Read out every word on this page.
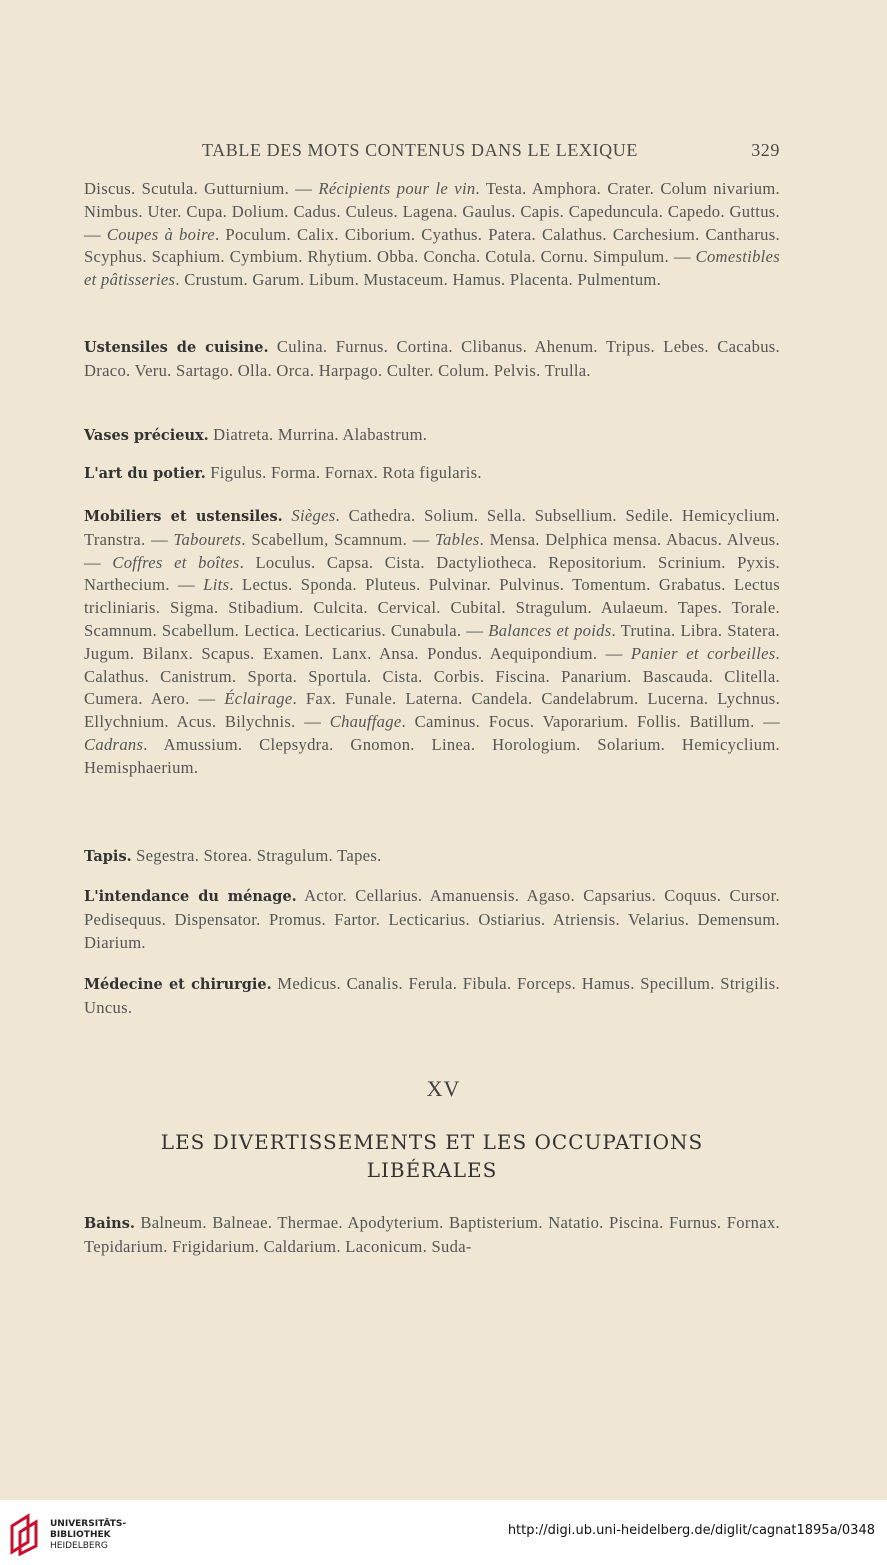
TABLE DES MOTS CONTENUS DANS LE LEXIQUE	329

Discus. Scutula. Gutturnium. — Récipients pour le vin. Testa. Amphora. Crater. Colum nivarium. Nimbus. Uter. Cupa. Dolium. Cadus. Culeus. Lagena. Gaulus. Capis. Capeduncula. Capedo. Guttus. — Coupes à boire. Poculum. Calix. Ciborium. Cyathus. Patera. Calathus. Carchesium. Cantharus. Scyphus. Scaphium. Cymbium. Rhytium. Obba. Concha. Cotula. Cornu. Simpulum. — Comestibles et pâtisseries. Crustum. Garum. Libum. Mustaceum. Hamus. Placenta. Pulmentum.

Ustensiles de cuisine. Culina. Furnus. Cortina. Clibanus. Ahenum. Tripus. Lebes. Cacabus. Draco. Veru. Sartago. Olla. Orca. Harpago. Culter. Colum. Pelvis. Trulla.

Vases précieux. Diatreta. Murrina. Alabastrum.

L'art du potier. Figulus. Forma. Fornax. Rota figularis.

Mobiliers et ustensiles. Sièges. Cathedra. Solium. Sella. Subsellium. Sedile. Hemicyclium. Transtra. — Tabourets. Scabellum, Scamnum. — Tables. Mensa. Delphica mensa. Abacus. Alveus. — Coffres et boîtes. Loculus. Capsa. Cista. Dactyliotheca. Repositorium. Scrinium. Pyxis. Narthecium. — Lits. Lectus. Sponda. Pluteus. Pulvinar. Pulvinus. Tomentum. Grabatus. Lectus tricliniaris. Sigma. Stibadium. Culcita. Cervical. Cubital. Stragulum. Aulaeum. Tapes. Torale. Scamnum. Scabellum. Lectica. Lecticarius. Cunabula. — Balances et poids. Trutina. Libra. Statera. Jugum. Bilanx. Scapus. Examen. Lanx. Ansa. Pondus. Aequipondium. — Panier et corbeilles. Calathus. Canistrum. Sporta. Sportula. Cista. Corbis. Fiscina. Panarium. Bascauda. Clitella. Cumera. Aero. — Éclairage. Fax. Funale. Laterna. Candela. Candelabrum. Lucerna. Lychnus. Ellychnium. Acus. Bilychnis. — Chauffage. Caminus. Focus. Vaporarium. Follis. Batillum. — Cadrans. Amussium. Clepsydra. Gnomon. Linea. Horologium. Solarium. Hemicyclium. Hemisphaerium.

Tapis. Segestra. Storea. Stragulum. Tapes.

L'intendance du ménage. Actor. Cellarius. Amanuensis. Agaso. Capsarius. Coquus. Cursor. Pedisequus. Dispensator. Promus. Fartor. Lecticarius. Ostiarius. Atriensis. Velarius. Demensum. Diarium.

Médecine et chirurgie. Medicus. Canalis. Ferula. Fibula. Forceps. Hamus. Specillum. Strigilis. Uncus.

XV
LES DIVERTISSEMENTS ET LES OCCUPATIONS
LIBÉRALES

Bains. Balneum. Balneae. Thermae. Apodyterium. Baptisterium. Natatio. Piscina. Furnus. Fornax. Tepidarium. Frigidarium. Caldarium. Laconicum. Suda-

UNIVERSITÄTS-
BIBLIOTHEK
HEIDELBERG
http://digi.ub.uni-heidelberg.de/diglit/cagnat1895a/0348
